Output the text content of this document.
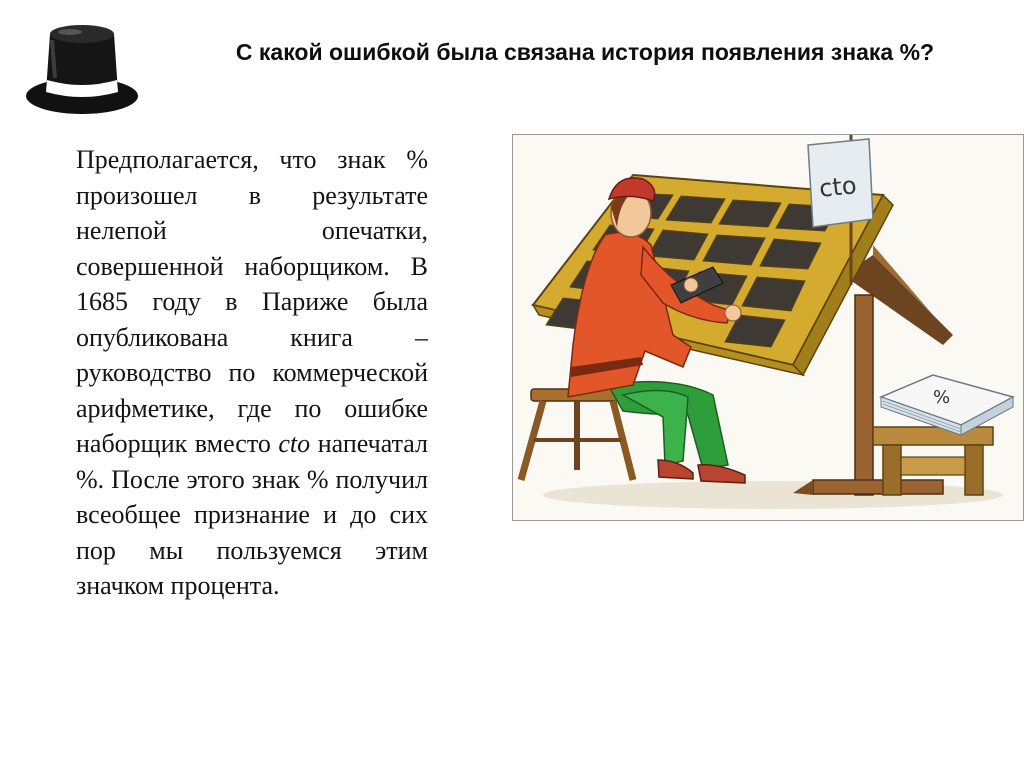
С какой ошибкой была связана история появления знака %?
Предполагается, что знак % произошел в результате нелепой опечатки, совершенной наборщиком. В 1685 году в Париже была опубликована книга – руководство по коммерческой арифметике, где по ошибке наборщик вместо cto напечатал %. После этого знак % получил всеобщее признание и до сих пор мы пользуемся этим значком процента.
cto
%
